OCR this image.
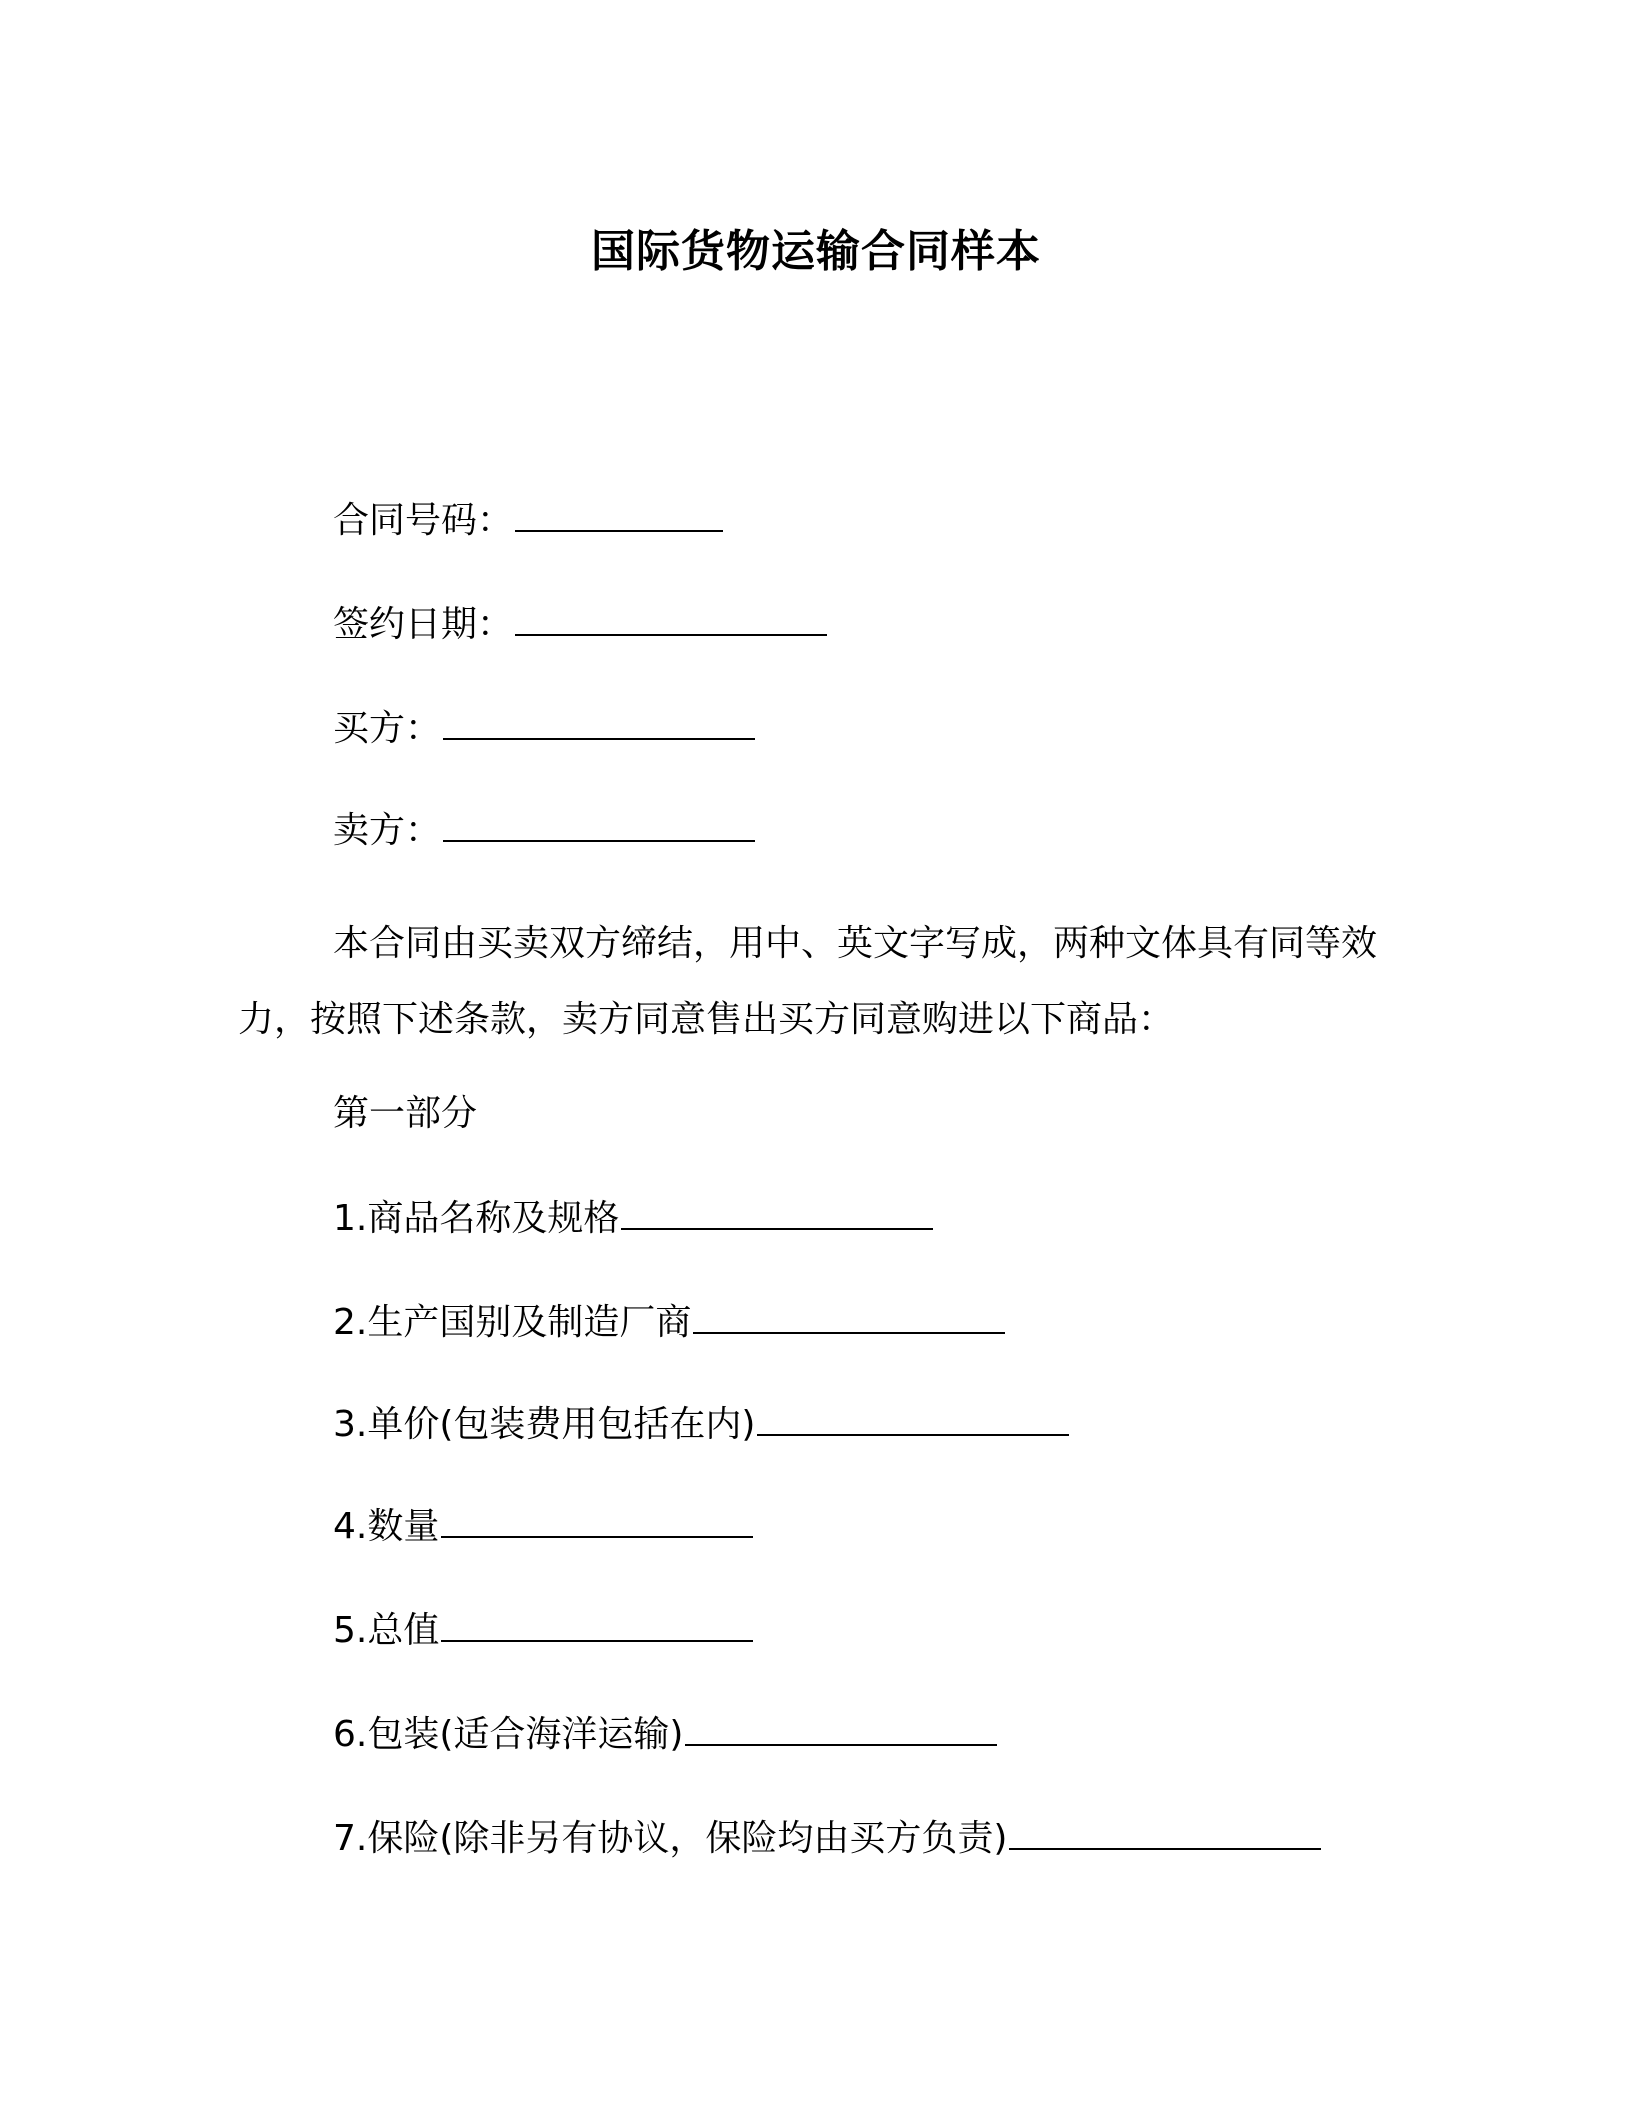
国际货物运输合同样本
合同号码：
签约日期：
买方：
卖方：
本合同由买卖双方缔结，用中、英文字写成，两种文体具有同等效力，按照下述条款，卖方同意售出买方同意购进以下商品：
第一部分
1.商品名称及规格
2.生产国别及制造厂商
3.单价(包装费用包括在内)
4.数量
5.总值
6.包装(适合海洋运输)
7.保险(除非另有协议，保险均由买方负责)
